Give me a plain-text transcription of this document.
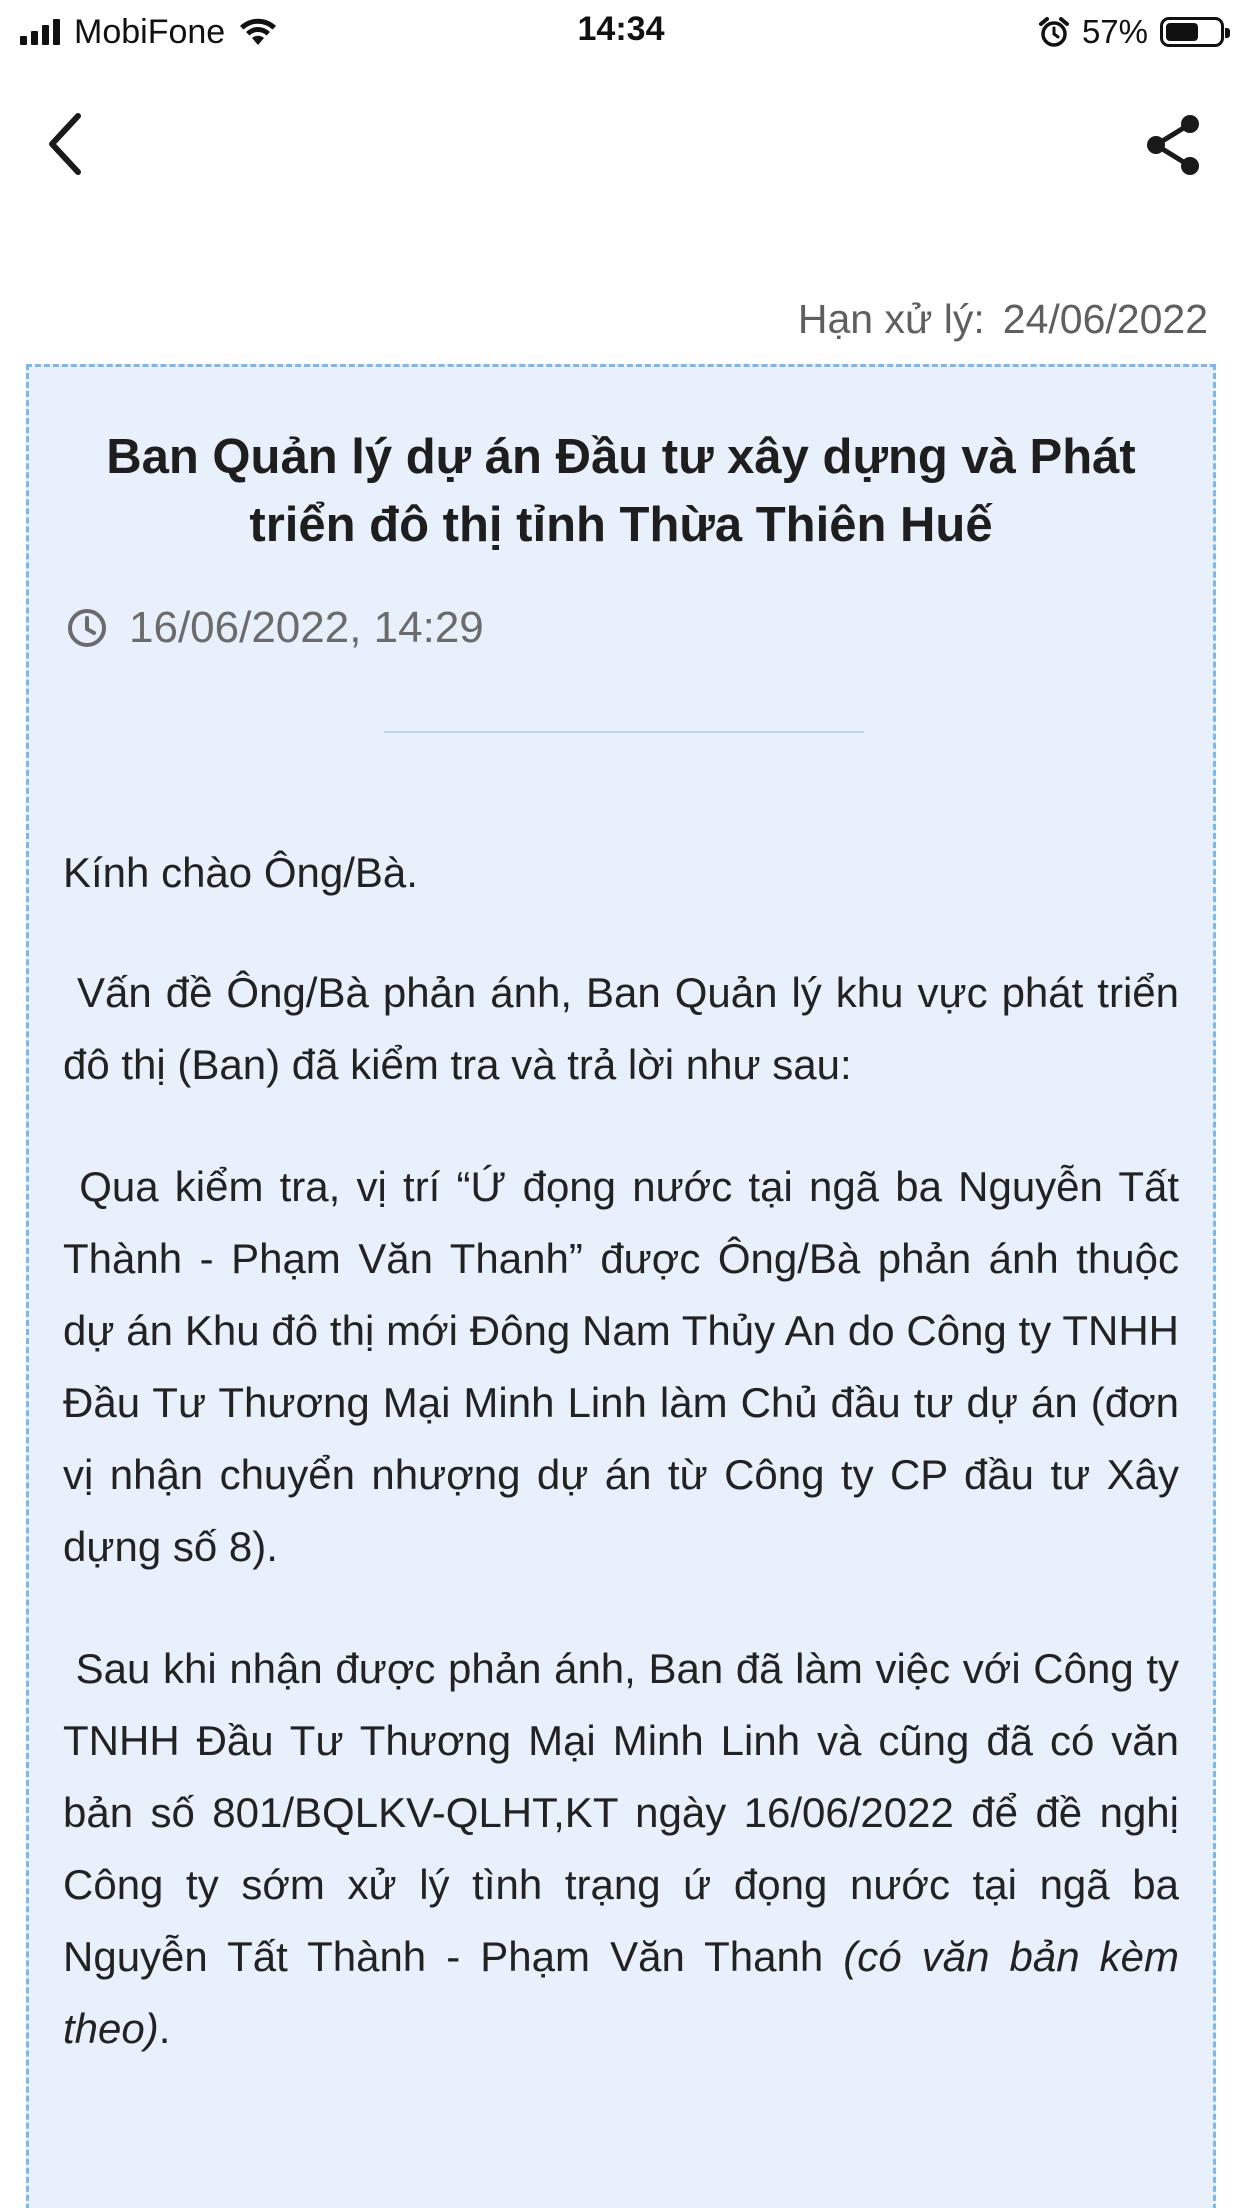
MobiFone	14:34	57%
Hạn xử lý: 24/06/2022
Ban Quản lý dự án Đầu tư xây dựng và Phát triển đô thị tỉnh Thừa Thiên Huế
16/06/2022, 14:29

Kính chào Ông/Bà.

Vấn đề Ông/Bà phản ánh, Ban Quản lý khu vực phát triển đô thị (Ban) đã kiểm tra và trả lời như sau:

Qua kiểm tra, vị trí “Ứ đọng nước tại ngã ba Nguyễn Tất Thành - Phạm Văn Thanh” được Ông/Bà phản ánh thuộc dự án Khu đô thị mới Đông Nam Thủy An do Công ty TNHH Đầu Tư Thương Mại Minh Linh làm Chủ đầu tư dự án (đơn vị nhận chuyển nhượng dự án từ Công ty CP đầu tư Xây dựng số 8).

Sau khi nhận được phản ánh, Ban đã làm việc với Công ty TNHH Đầu Tư Thương Mại Minh Linh và cũng đã có văn bản số 801/BQLKV-QLHT,KT ngày 16/06/2022 để đề nghị Công ty sớm xử lý tình trạng ứ đọng nước tại ngã ba Nguyễn Tất Thành - Phạm Văn Thanh (có văn bản kèm theo).
